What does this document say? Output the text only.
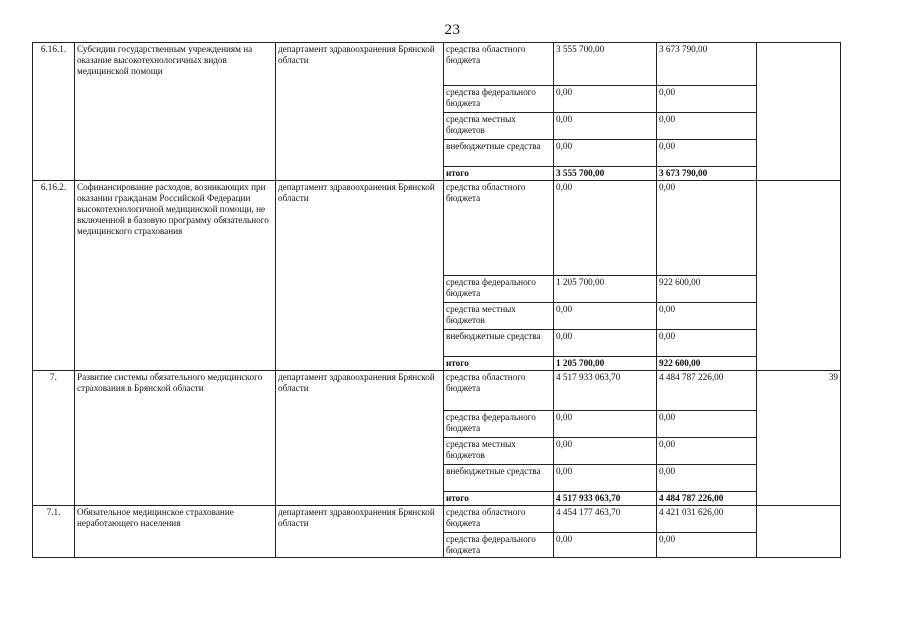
23
6.16.1.	Субсидии государственным учреждениям на оказание высокотехнологичных видов медицинской помощи	департамент здравоохранения Брянской области	средства областного бюджета	3 555 700,00	3 673 790,00	
			средства федерального бюджета	0,00	0,00	
			средства местных бюджетов	0,00	0,00	
			внебюджетные средства	0,00	0,00	
			итого	3 555 700,00	3 673 790,00	
6.16.2.	Софинансирование расходов, возникающих при оказании гражданам Российской Федерации высокотехнологичной медицинской помощи, не включенной в базовую программу обязательного медицинского страхования	департамент здравоохранения Брянской области	средства областного бюджета	0,00	0,00	
			средства федерального бюджета	1 205 700,00	922 600,00	
			средства местных бюджетов	0,00	0,00	
			внебюджетные средства	0,00	0,00	
			итого	1 205 700,00	922 600,00	
7.	Развитие системы обязательного медицинского страхования в Брянской области	департамент здравоохранения Брянской области	средства областного бюджета	4 517 933 063,70	4 484 787 226,00	39
			средства федерального бюджета	0,00	0,00	
			средства местных бюджетов	0,00	0,00	
			внебюджетные средства	0,00	0,00	
			итого	4 517 933 063,70	4 484 787 226,00	
7.1.	Обязательное медицинское страхование неработающего населения	департамент здравоохранения Брянской области	средства областного бюджета	4 454 177 463,70	4 421 031 626,00	
			средства федерального бюджета	0,00	0,00	
